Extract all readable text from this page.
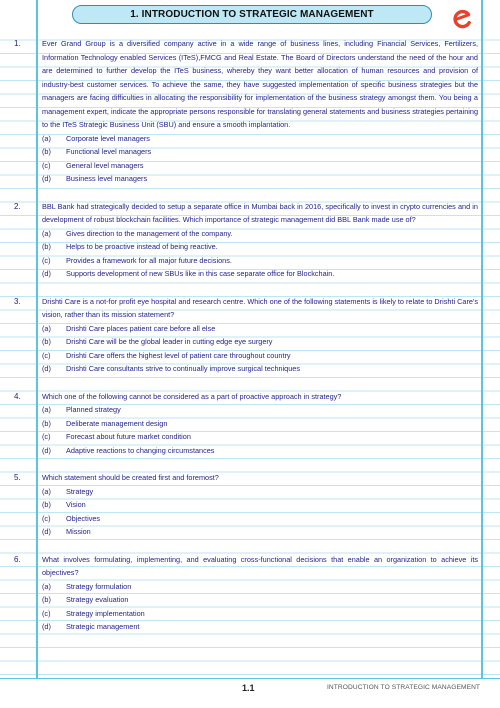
1. INTRODUCTION TO STRATEGIC MANAGEMENT
1.	Ever Grand Group is a diversified company active in a wide range of business lines, including Financial Services, Fertilizers, Information Technology enabled Services (ITeS),FMCG and Real Estate. The Board of Directors understand the need of the hour and are determined to further develop the ITeS business, whereby they want better allocation of human resources and provision of industry-best customer services. To achieve the same, they have suggested implementation of specific business strategies but the managers are facing difficulties in allocating the responsibility for implementation of the business strategy amongst them. You being a management expert, indicate the appropriate persons responsible for translating general statements and business strategies pertaining to the ITeS Strategic Business Unit (SBU) and ensure a smooth implantation.

(a)	Corporate level managers
(b)	Functional level managers
(c)	General level managers
(d)	Business level managers
2.	BBL Bank had strategically decided to setup a separate office in Mumbai back in 2016, specifically to invest in crypto currencies and in development of robust blockchain facilities. Which importance of strategic management did BBL Bank made use of?

(a)	Gives direction to the management of the company.
(b)	Helps to be proactive instead of being reactive.
(c)	Provides a framework for all major future decisions.
(d)	Supports development of new SBUs like in this case separate office for Blockchain.
3.	Drishti Care is a not-for profit eye hospital and research centre. Which one of the following statements is likely to relate to Drishti Care's vision, rather than its mission statement?

(a)	Drishti Care places patient care before all else
(b)	Drishti Care will be the global leader in cutting edge eye surgery
(c)	Drishti Care offers the highest level of patient care throughout country
(d)	Drishti Care consultants strive to continually improve surgical techniques
4.	Which one of the following cannot be considered as a part of proactive approach in strategy?

(a)	Planned strategy
(b)	Deliberate management design
(c)	Forecast about future market condition
(d)	Adaptive reactions to changing circumstances
5.	Which statement should be created first and foremost?

(a)	Strategy
(b)	Vision
(c)	Objectives
(d)	Mission
6.	What involves formulating, implementing, and evaluating cross-functional decisions that enable an organization to achieve its objectives?

(a)	Strategy formulation
(b)	Strategy evaluation
(c)	Strategy implementation
(d)	Strategic management
1.1	INTRODUCTION TO STRATEGIC MANAGEMENT
